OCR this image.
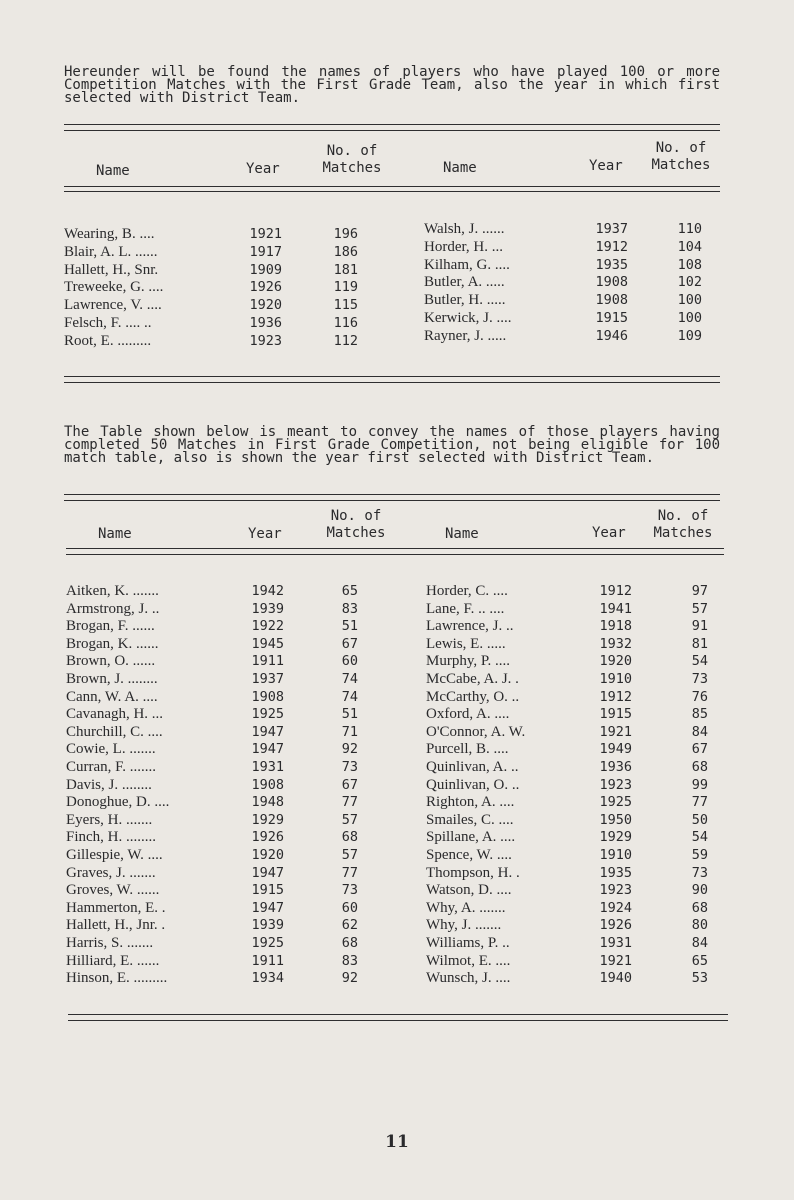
Hereunder will be found the names of players who have played 100 or more Competition Matches with the First Grade Team, also the year in which first selected with District Team.

Name	Year
No. of
Matches	Name	Year
No. of
Matches
Wearing, B. ....	1921	196
Blair, A. L. ......	1917	186
Hallett, H., Snr.	1909	181
Treweeke, G. ....	1926	119
Lawrence, V. ....	1920	115
Felsch, F. .... ..	1936	116
Root, E. .........	1923	112
Walsh, J. ......	1937	110
Horder, H. ...	1912	104
Kilham, G. ....	1935	108
Butler, A. .....	1908	102
Butler, H. .....	1908	100
Kerwick, J. ....	1915	100
Rayner, J. .....	1946	109

The Table shown below is meant to convey the names of those players having completed 50 Matches in First Grade Competition, not being eligible for 100 match table, also is shown the year first selected with District Team.

Name	Year
No. of
Matches	Name	Year
No. of
Matches
Aitken, K. .......	1942	65
Armstrong, J. ..	1939	83
Brogan, F. ......	1922	51
Brogan, K. ......	1945	67
Brown, O. ......	1911	60
Brown, J. ........	1937	74
Cann, W. A. ....	1908	74
Cavanagh, H. ...	1925	51
Churchill, C. ....	1947	71
Cowie, L. .......	1947	92
Curran, F. .......	1931	73
Davis, J. ........	1908	67
Donoghue, D. ....	1948	77
Eyers, H. .......	1929	57
Finch, H. ........	1926	68
Gillespie, W. ....	1920	57
Graves, J. .......	1947	77
Groves, W. ......	1915	73
Hammerton, E. .	1947	60
Hallett, H., Jnr. .	1939	62
Harris, S. .......	1925	68
Hilliard, E. ......	1911	83
Hinson, E. .........	1934	92
Horder, C. ....	1912	97
Lane, F. .. ....	1941	57
Lawrence, J. ..	1918	91
Lewis, E. .....	1932	81
Murphy, P. ....	1920	54
McCabe, A. J. .	1910	73
McCarthy, O. ..	1912	76
Oxford, A. ....	1915	85
O'Connor, A. W.	1921	84
Purcell, B. ....	1949	67
Quinlivan, A. ..	1936	68
Quinlivan, O. ..	1923	99
Righton, A. ....	1925	77
Smailes, C. ....	1950	50
Spillane, A. ....	1929	54
Spence, W. ....	1910	59
Thompson, H. .	1935	73
Watson, D. ....	1923	90
Why, A. .......	1924	68
Why, J. .......	1926	80
Williams, P. ..	1931	84
Wilmot, E. ....	1921	65
Wunsch, J. ....	1940	53
11
